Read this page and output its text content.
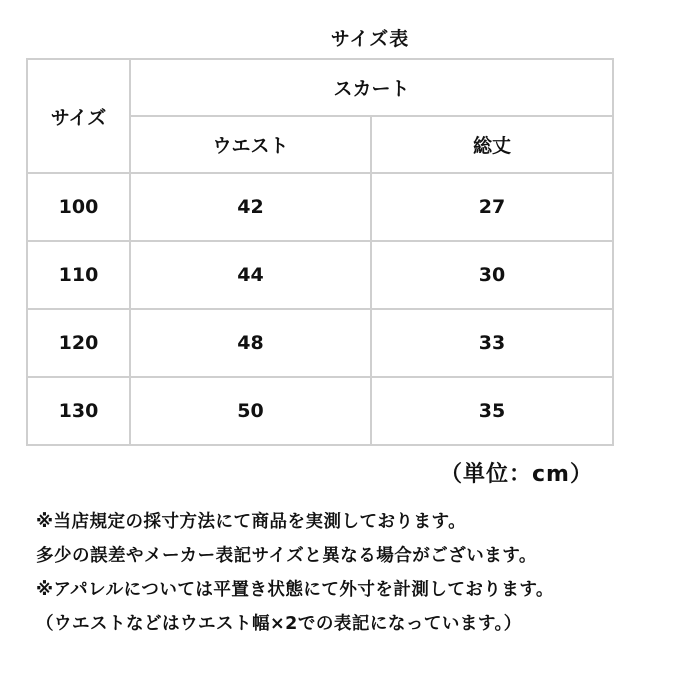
サイズ表
サイズ	スカート	
	ウエスト	総丈
100	42	27
110	44	30
120	48	33
130	50	35
（単位：cm）
※当店規定の採寸方法にて商品を実測しております。
多少の誤差やメーカー表記サイズと異なる場合がございます。
※アパレルについては平置き状態にて外寸を計測しております。
（ウエストなどはウエスト幅×2での表記になっています。）
